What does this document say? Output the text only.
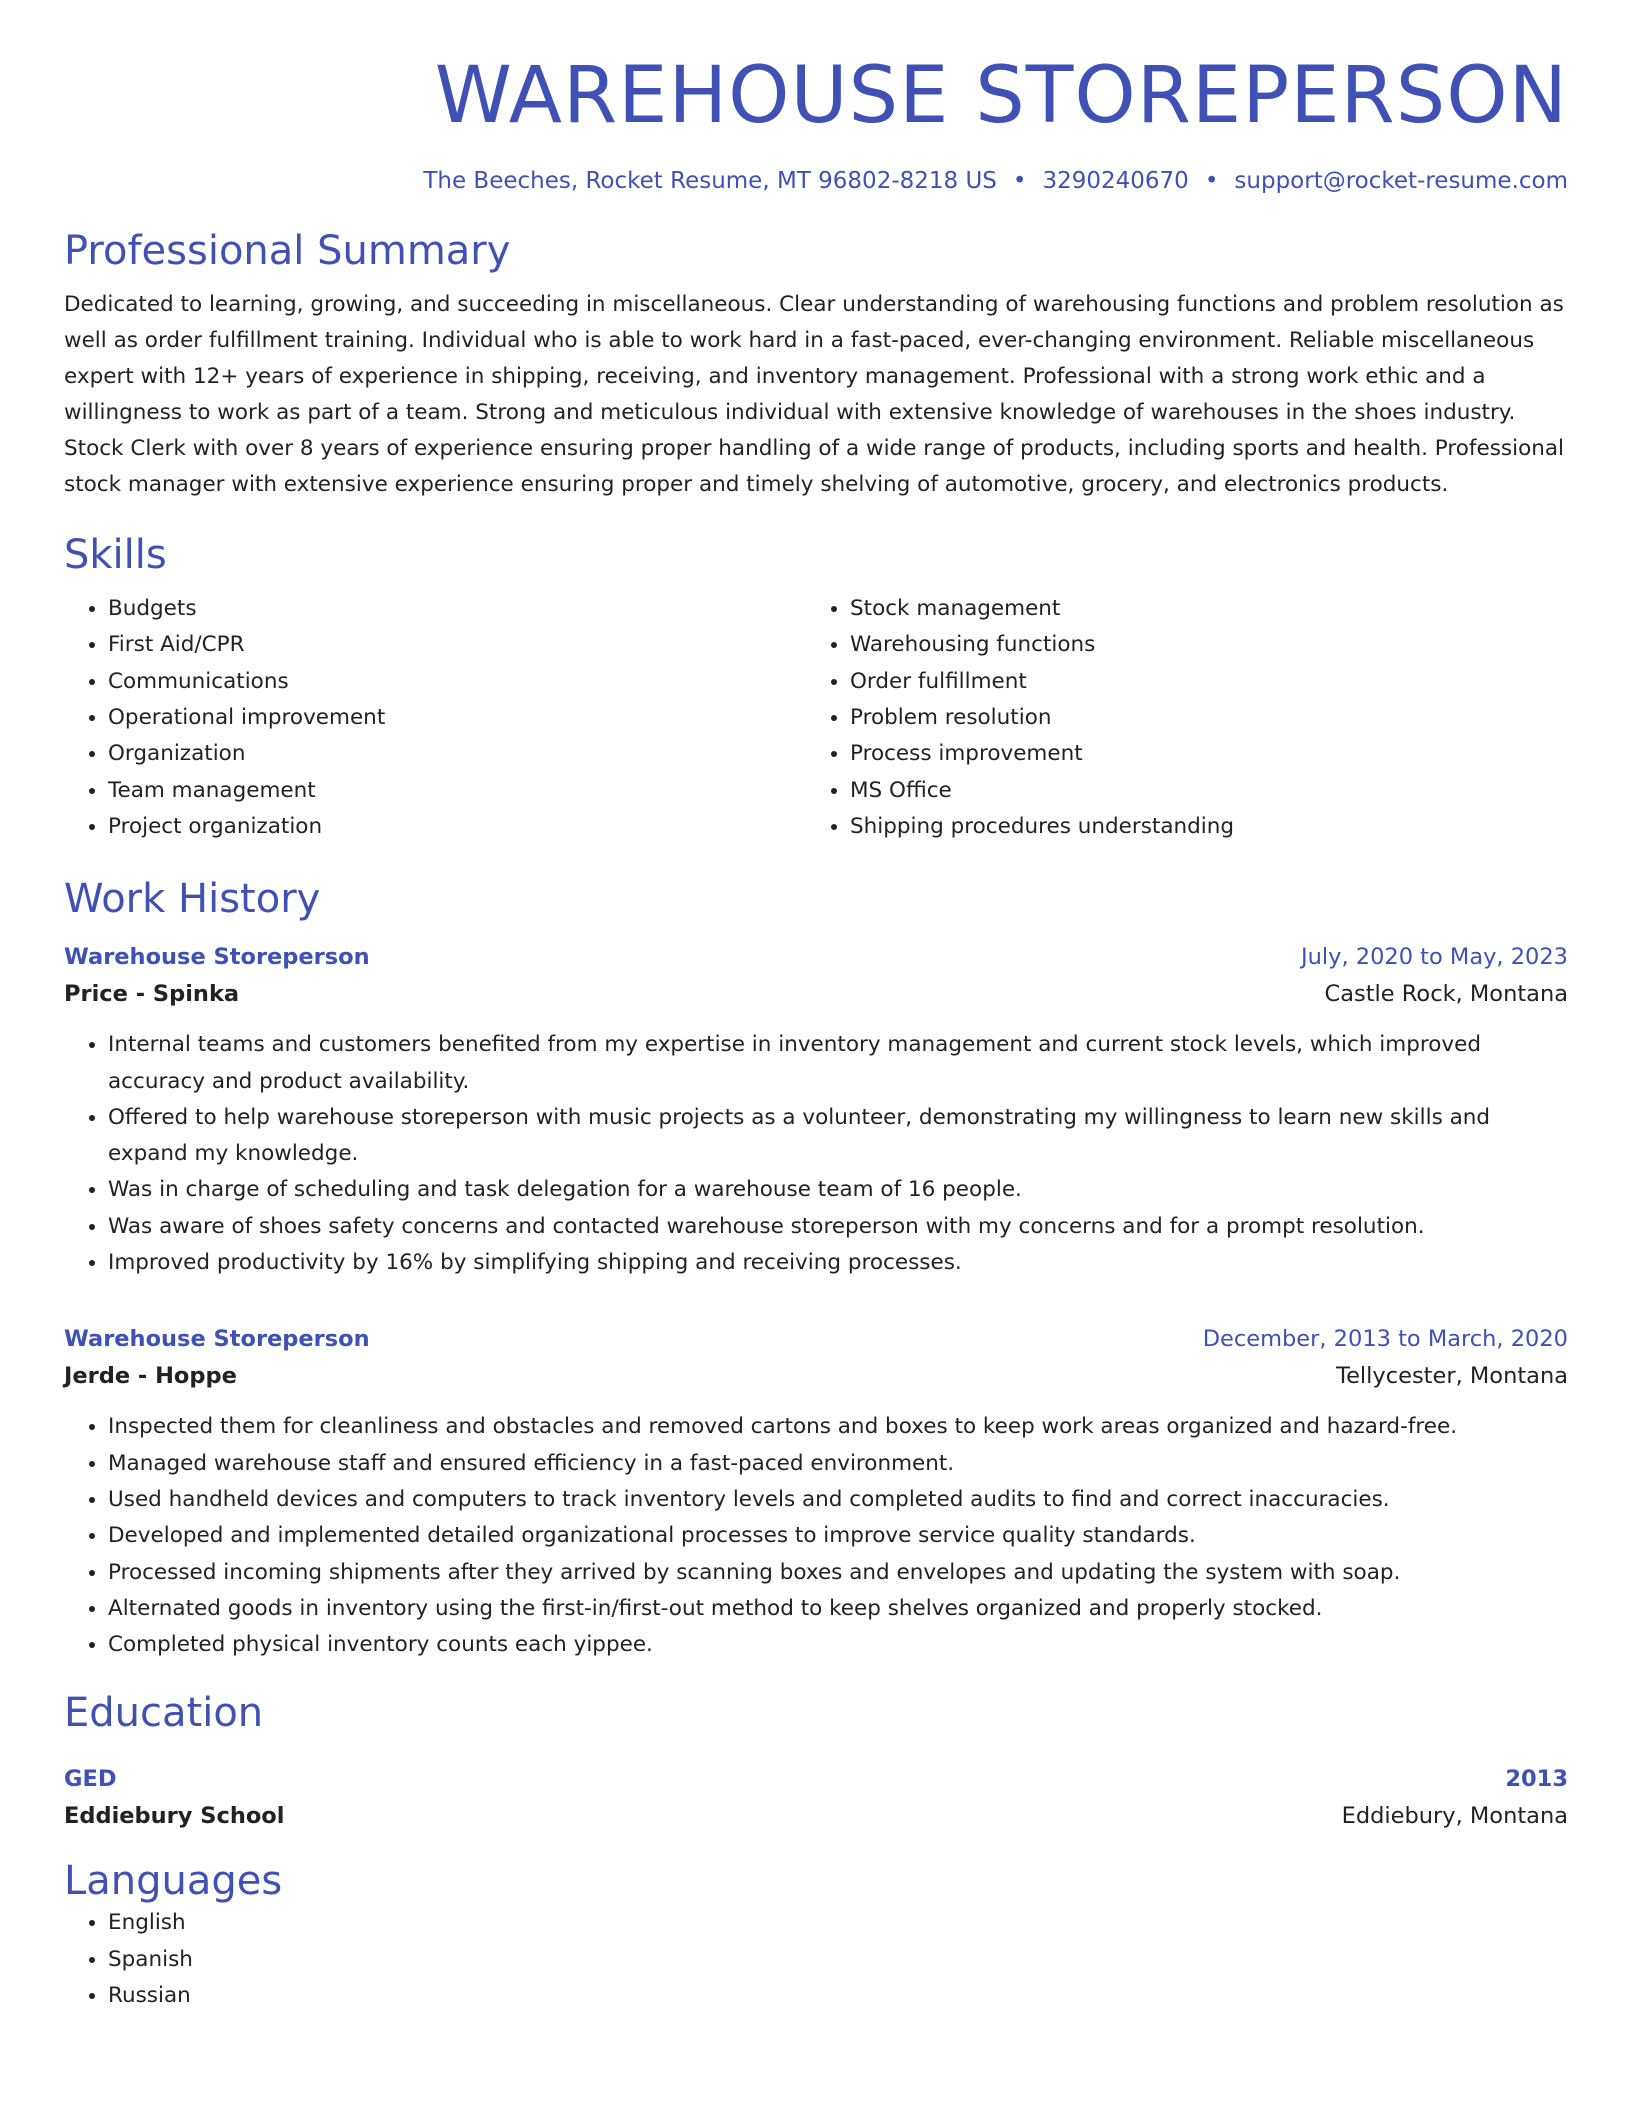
WAREHOUSE STOREPERSON
The Beeches, Rocket Resume, MT 96802-8218 US • 3290240670 • support@rocket-resume.com
Professional Summary

Dedicated to learning, growing, and succeeding in miscellaneous. Clear understanding of warehousing functions and problem resolution as well as order fulfillment training. Individual who is able to work hard in a fast-paced, ever-changing environment. Reliable miscellaneous expert with 12+ years of experience in shipping, receiving, and inventory management. Professional with a strong work ethic and a willingness to work as part of a team. Strong and meticulous individual with extensive knowledge of warehouses in the shoes industry. Stock Clerk with over 8 years of experience ensuring proper handling of a wide range of products, including sports and health. Professional stock manager with extensive experience ensuring proper and timely shelving of automotive, grocery, and electronics products.

Skills
• Budgets
• First Aid/CPR
• Communications
• Operational improvement
• Organization
• Team management
• Project organization
• Stock management
• Warehousing functions
• Order fulfillment
• Problem resolution
• Process improvement
• MS Office
• Shipping procedures understanding
Work History
Warehouse Storeperson	July, 2020 to May, 2023
Price - Spinka	Castle Rock, Montana
• Internal teams and customers benefited from my expertise in inventory management and current stock levels, which improved accuracy and product availability.
• Offered to help warehouse storeperson with music projects as a volunteer, demonstrating my willingness to learn new skills and expand my knowledge.
• Was in charge of scheduling and task delegation for a warehouse team of 16 people.
• Was aware of shoes safety concerns and contacted warehouse storeperson with my concerns and for a prompt resolution.
• Improved productivity by 16% by simplifying shipping and receiving processes.
Warehouse Storeperson	December, 2013 to March, 2020
Jerde - Hoppe	Tellycester, Montana
• Inspected them for cleanliness and obstacles and removed cartons and boxes to keep work areas organized and hazard-free.
• Managed warehouse staff and ensured efficiency in a fast-paced environment.
• Used handheld devices and computers to track inventory levels and completed audits to find and correct inaccuracies.
• Developed and implemented detailed organizational processes to improve service quality standards.
• Processed incoming shipments after they arrived by scanning boxes and envelopes and updating the system with soap.
• Alternated goods in inventory using the first-in/first-out method to keep shelves organized and properly stocked.
• Completed physical inventory counts each yippee.
Education
GED	2013
Eddiebury School	Eddiebury, Montana
Languages
• English
• Spanish
• Russian
